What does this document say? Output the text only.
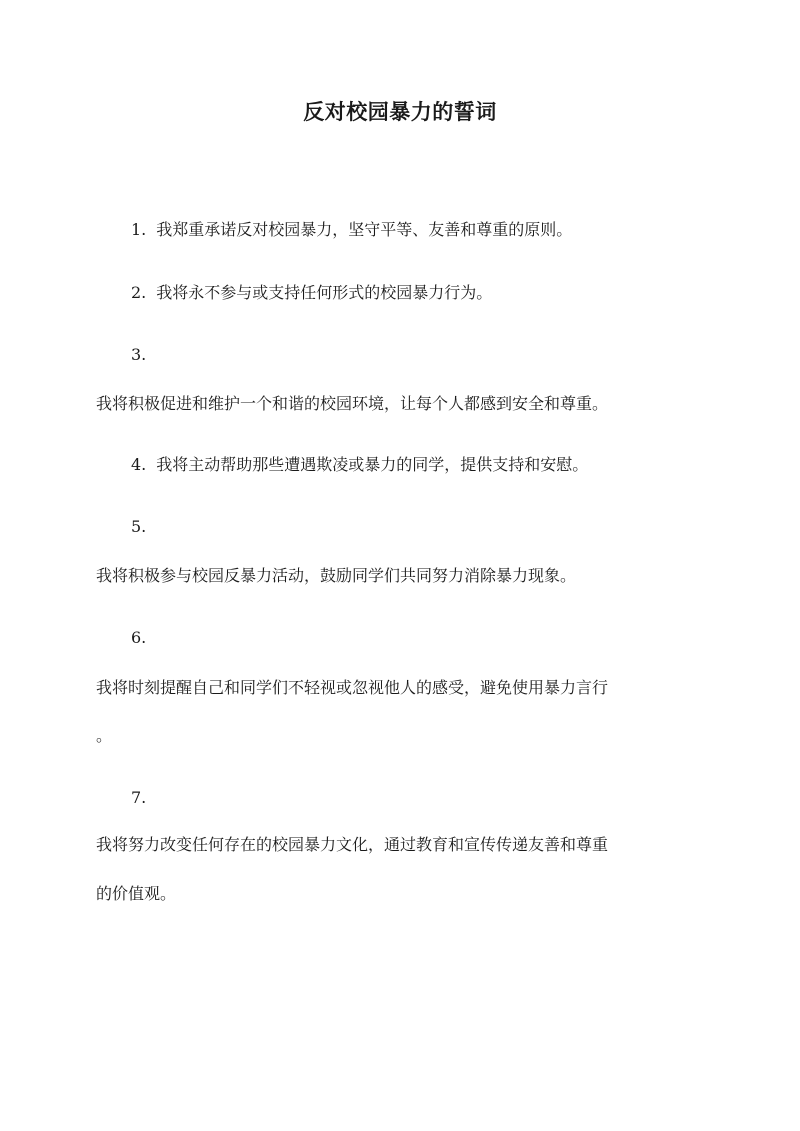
反对校园暴力的誓词
1. 我郑重承诺反对校园暴力，坚守平等、友善和尊重的原则。
2. 我将永不参与或支持任何形式的校园暴力行为。
3.
我将积极促进和维护一个和谐的校园环境，让每个人都感到安全和尊重。
4. 我将主动帮助那些遭遇欺凌或暴力的同学，提供支持和安慰。
5.
我将积极参与校园反暴力活动，鼓励同学们共同努力消除暴力现象。
6.
我将时刻提醒自己和同学们不轻视或忽视他人的感受，避免使用暴力言行
。
7.
我将努力改变任何存在的校园暴力文化，通过教育和宣传传递友善和尊重
的价值观。
